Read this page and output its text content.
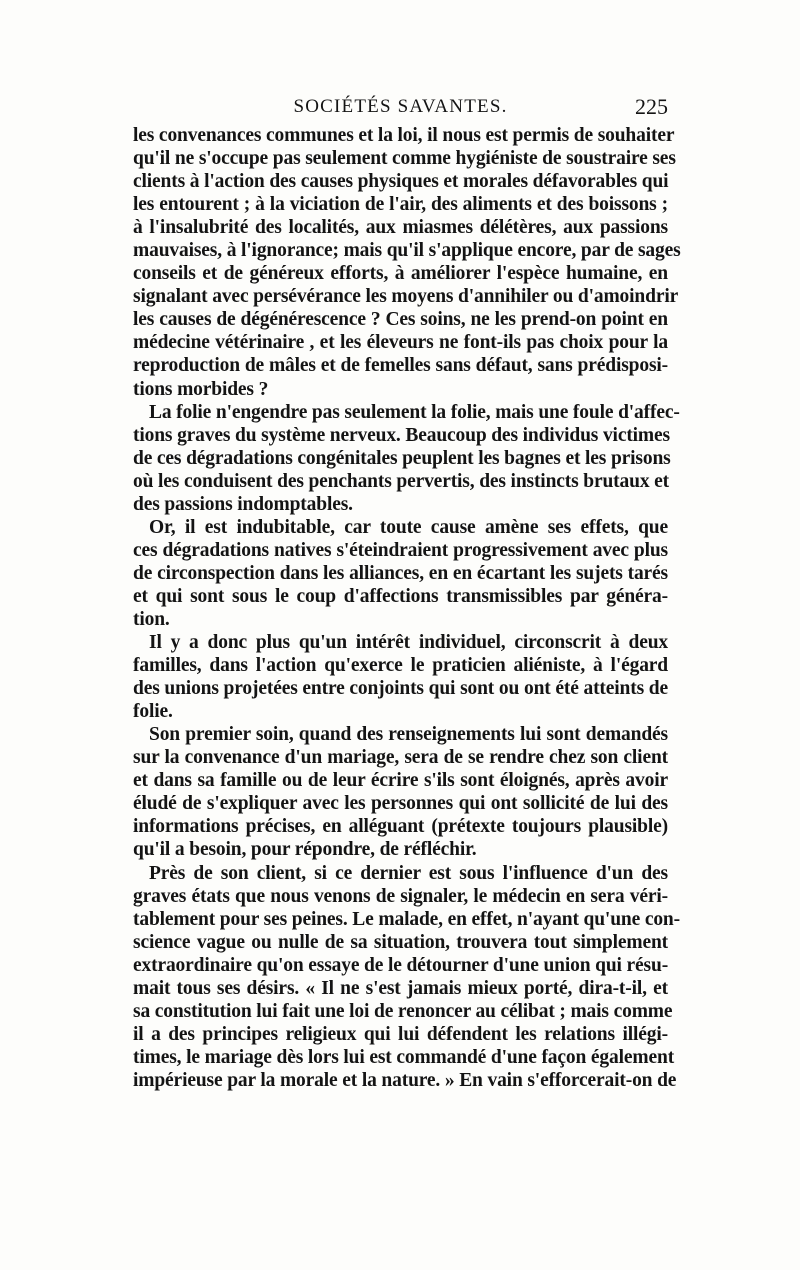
SOCIÉTÉS SAVANTES.	225
les convenances communes et la loi, il nous est permis de souhaiter
qu'il ne s'occupe pas seulement comme hygiéniste de soustraire ses
clients à l'action des causes physiques et morales défavorables qui
les entourent ; à la viciation de l'air, des aliments et des boissons ;
à l'insalubrité des localités, aux miasmes délétères, aux passions
mauvaises, à l'ignorance; mais qu'il s'applique encore, par de sages
conseils et de généreux efforts, à améliorer l'espèce humaine, en
signalant avec persévérance les moyens d'annihiler ou d'amoindrir
les causes de dégénérescence ? Ces soins, ne les prend-on point en
médecine vétérinaire , et les éleveurs ne font-ils pas choix pour la
reproduction de mâles et de femelles sans défaut, sans prédisposi-
tions morbides ?
La folie n'engendre pas seulement la folie, mais une foule d'affec-
tions graves du système nerveux. Beaucoup des individus victimes
de ces dégradations congénitales peuplent les bagnes et les prisons
où les conduisent des penchants pervertis, des instincts brutaux et
des passions indomptables.
Or, il est indubitable, car toute cause amène ses effets, que
ces dégradations natives s'éteindraient progressivement avec plus
de circonspection dans les alliances, en en écartant les sujets tarés
et qui sont sous le coup d'affections transmissibles par généra-
tion.
Il y a donc plus qu'un intérêt individuel, circonscrit à deux
familles, dans l'action qu'exerce le praticien aliéniste, à l'égard
des unions projetées entre conjoints qui sont ou ont été atteints de
folie.
Son premier soin, quand des renseignements lui sont demandés
sur la convenance d'un mariage, sera de se rendre chez son client
et dans sa famille ou de leur écrire s'ils sont éloignés, après avoir
éludé de s'expliquer avec les personnes qui ont sollicité de lui des
informations précises, en alléguant (prétexte toujours plausible)
qu'il a besoin, pour répondre, de réfléchir.
Près de son client, si ce dernier est sous l'influence d'un des
graves états que nous venons de signaler, le médecin en sera véri-
tablement pour ses peines. Le malade, en effet, n'ayant qu'une con-
science vague ou nulle de sa situation, trouvera tout simplement
extraordinaire qu'on essaye de le détourner d'une union qui résu-
mait tous ses désirs. « Il ne s'est jamais mieux porté, dira-t-il, et
sa constitution lui fait une loi de renoncer au célibat ; mais comme
il a des principes religieux qui lui défendent les relations illégi-
times, le mariage dès lors lui est commandé d'une façon également
impérieuse par la morale et la nature. » En vain s'efforcerait-on de
